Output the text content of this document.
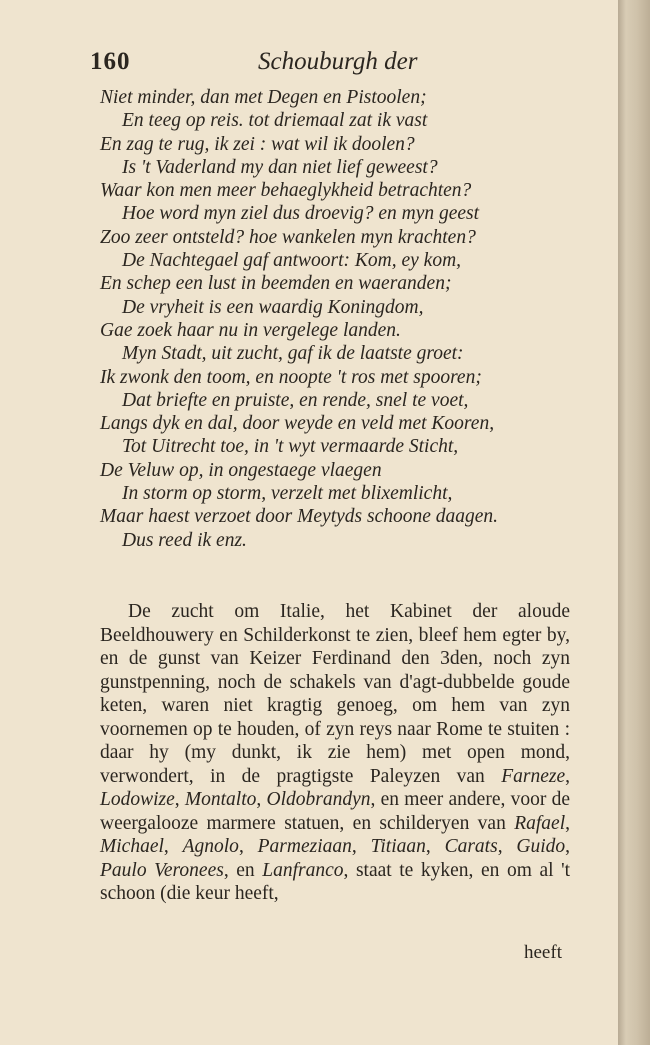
160	Schouburgh der
Niet minder, dan met Degen en Pistoolen;
En teeg op reis. tot driemaal zat ik vast
En zag te rug, ik zei : wat wil ik doolen?
Is 't Vaderland my dan niet lief geweest?
Waar kon men meer behaeglykheid betrachten?
Hoe word myn ziel dus droevig? en myn geest
Zoo zeer ontsteld? hoe wankelen myn krachten?
De Nachtegael gaf antwoort: Kom, ey kom,
En schep een lust in beemden en waeranden;
De vryheit is een waardig Koningdom,
Gae zoek haar nu in vergelege landen.
Myn Stadt, uit zucht, gaf ik de laatste groet:
Ik zwonk den toom, en noopte 't ros met spooren;
Dat briefte en pruiste, en rende, snel te voet,
Langs dyk en dal, door weyde en veld met Kooren,
Tot Uitrecht toe, in 't wyt vermaarde Sticht,
De Veluw op, in ongestaege vlaegen
In storm op storm, verzelt met blixemlicht,
Maar haest verzoet door Meytyds schoone daagen.
Dus reed ik enz.

De zucht om Italie, het Kabinet der aloude Beeldhouwery en Schilderkonst te zien, bleef hem egter by, en de gunst van Keizer Ferdinand den 3den, noch zyn gunstpenning, noch de schakels van d'agt-dubbelde goude keten, waren niet kragtig genoeg, om hem van zyn voornemen op te houden, of zyn reys naar Rome te stuiten : daar hy (my dunkt, ik zie hem) met open mond, verwondert, in de pragtigste Paleyzen van Farneze, Lodowize, Montalto, Oldobrandyn, en meer andere, voor de weergalooze marmere statuen, en schilderyen van Rafael, Michael, Agnolo, Parmeziaan, Titiaan, Carats, Guido, Paulo Veronees, en Lanfranco, staat te kyken, en om al 't schoon (die keur heeft,

heeft
